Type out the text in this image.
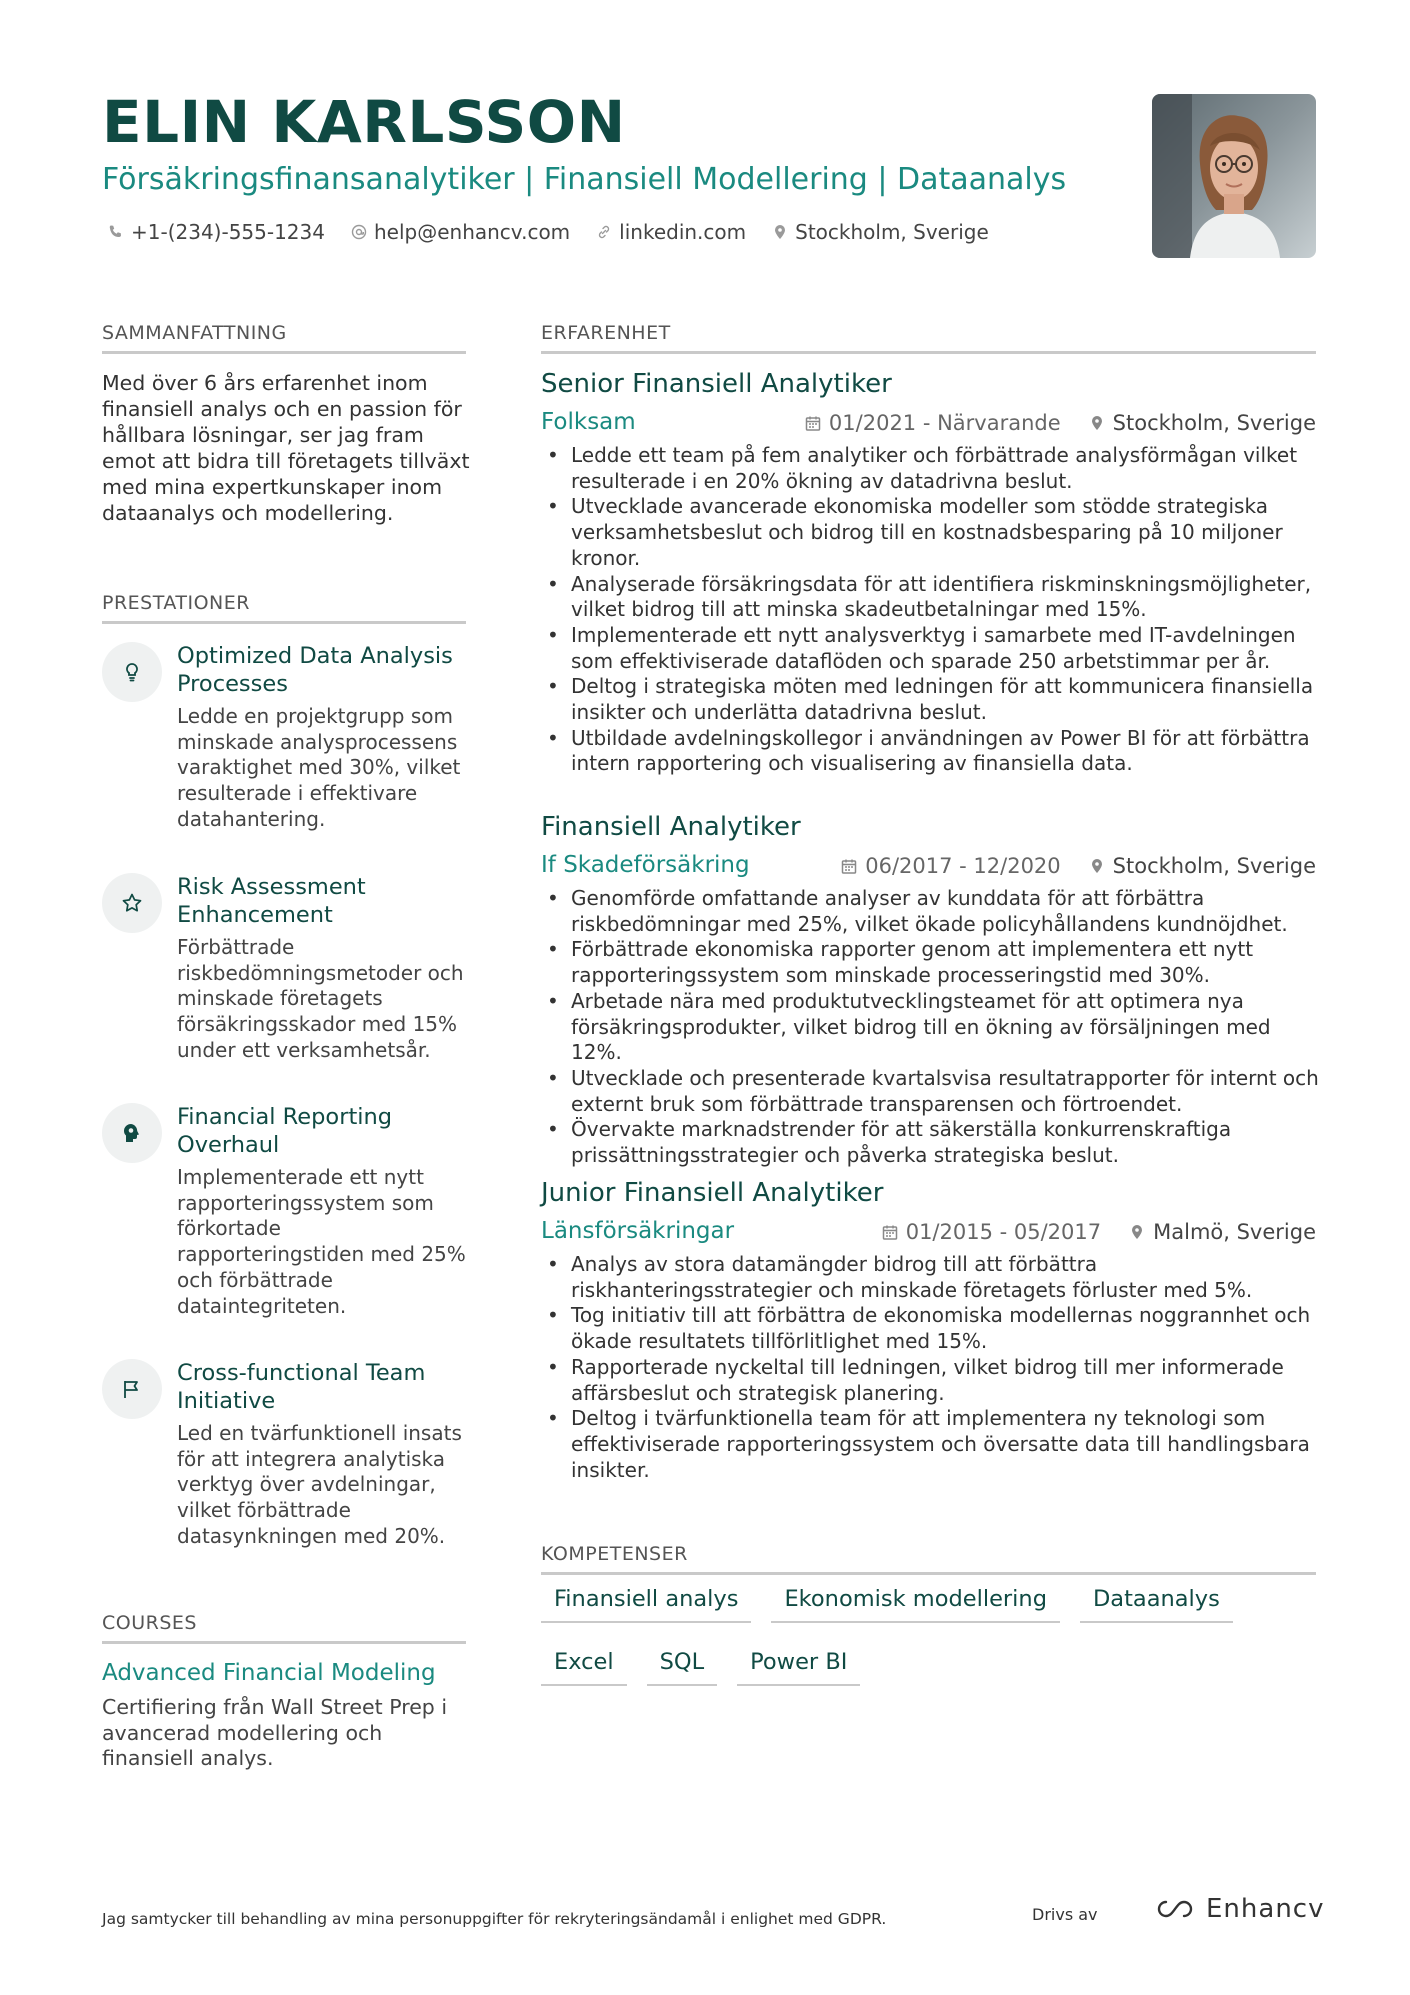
ELIN KARLSSON
Försäkringsfinansanalytiker | Finansiell Modellering | Dataanalys
+1-(234)-555-1234 help@enhancv.com linkedin.com Stockholm, Sverige
SAMMANFATTNING
Med över 6 års erfarenhet inom finansiell analys och en passion för hållbara lösningar, ser jag fram emot att bidra till företagets tillväxt med mina expertkunskaper inom dataanalys och modellering.
PRESTATIONER
Optimized Data Analysis Processes
Ledde en projektgrupp som minskade analysprocessens varaktighet med 30%, vilket resulterade i effektivare datahantering.
Risk Assessment Enhancement
Förbättrade riskbedömningsmetoder och minskade företagets försäkringsskador med 15% under ett verksamhetsår.
Financial Reporting Overhaul
Implementerade ett nytt rapporteringssystem som förkortade rapporteringstiden med 25% och förbättrade dataintegriteten.
Cross-functional Team Initiative
Led en tvärfunktionell insats för att integrera analytiska verktyg över avdelningar, vilket förbättrade datasynkningen med 20%.
COURSES
Advanced Financial Modeling
Certifiering från Wall Street Prep i avancerad modellering och finansiell analys.
ERFARENHET
Senior Finansiell Analytiker
Folksam	01/2021 - Närvarande Stockholm, Sverige
• Ledde ett team på fem analytiker och förbättrade analysförmågan vilket resulterade i en 20% ökning av datadrivna beslut.
• Utvecklade avancerade ekonomiska modeller som stödde strategiska verksamhetsbeslut och bidrog till en kostnadsbesparing på 10 miljoner kronor.
• Analyserade försäkringsdata för att identifiera riskminskningsmöjligheter, vilket bidrog till att minska skadeutbetalningar med 15%.
• Implementerade ett nytt analysverktyg i samarbete med IT-avdelningen som effektiviserade dataflöden och sparade 250 arbetstimmar per år.
• Deltog i strategiska möten med ledningen för att kommunicera finansiella insikter och underlätta datadrivna beslut.
• Utbildade avdelningskollegor i användningen av Power BI för att förbättra intern rapportering och visualisering av finansiella data.
Finansiell Analytiker
If Skadeförsäkring	06/2017 - 12/2020 Stockholm, Sverige
• Genomförde omfattande analyser av kunddata för att förbättra riskbedömningar med 25%, vilket ökade policyhållandens kundnöjdhet.
• Förbättrade ekonomiska rapporter genom att implementera ett nytt rapporteringssystem som minskade processeringstid med 30%.
• Arbetade nära med produktutvecklingsteamet för att optimera nya försäkringsprodukter, vilket bidrog till en ökning av försäljningen med 12%.
• Utvecklade och presenterade kvartalsvisa resultatrapporter för internt och externt bruk som förbättrade transparensen och förtroendet.
• Övervakte marknadstrender för att säkerställa konkurrenskraftiga prissättningsstrategier och påverka strategiska beslut.
Junior Finansiell Analytiker
Länsförsäkringar	01/2015 - 05/2017 Malmö, Sverige
• Analys av stora datamängder bidrog till att förbättra riskhanteringsstrategier och minskade företagets förluster med 5%.
• Tog initiativ till att förbättra de ekonomiska modellernas noggrannhet och ökade resultatets tillförlitlighet med 15%.
• Rapporterade nyckeltal till ledningen, vilket bidrog till mer informerade affärsbeslut och strategisk planering.
• Deltog i tvärfunktionella team för att implementera ny teknologi som effektiviserade rapporteringssystem och översatte data till handlingsbara insikter.
KOMPETENSER
Finansiell analys	Ekonomisk modellering	Dataanalys
Excel	SQL	Power BI
Jag samtycker till behandling av mina personuppgifter för rekryteringsändamål i enlighet med GDPR.	Drivs av	Enhancv
